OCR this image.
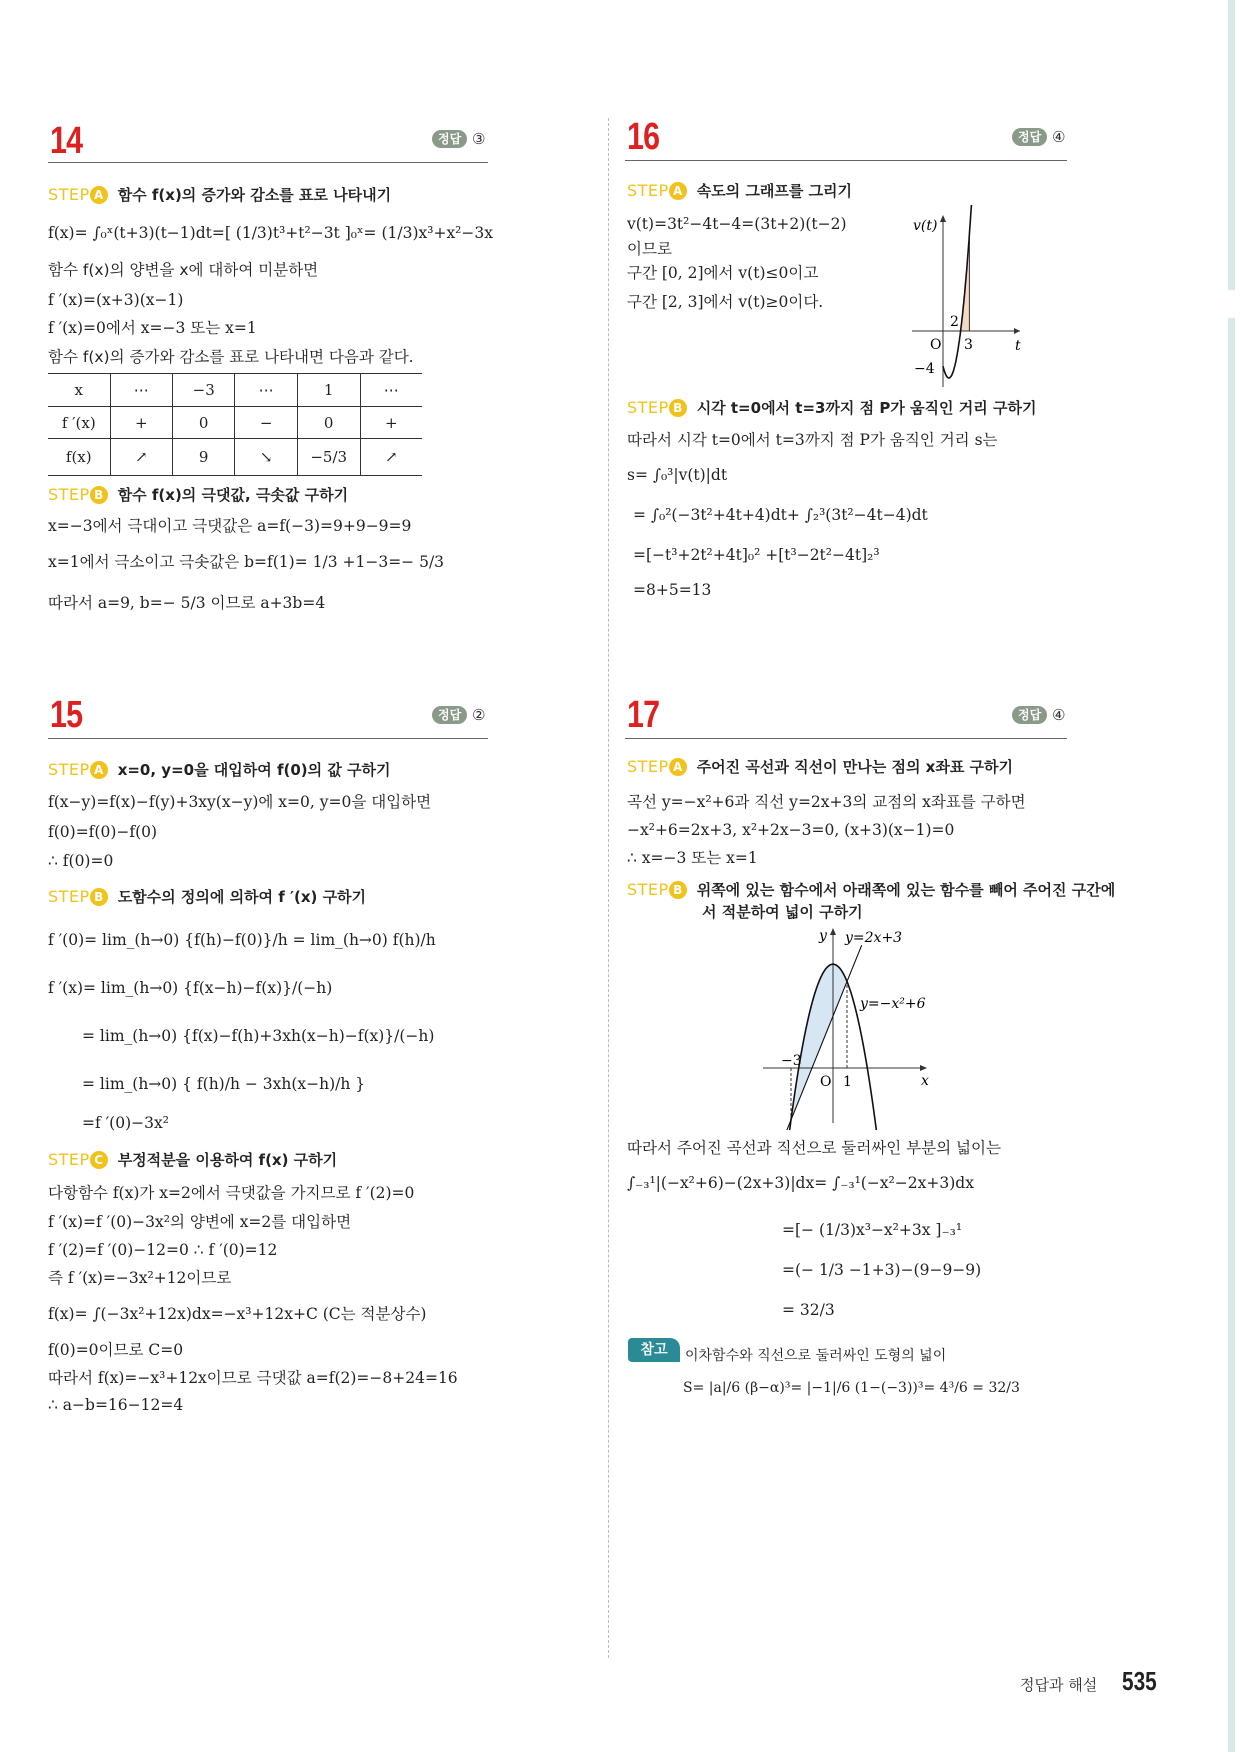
14	정답 ③
STEP A 함수 f(x)의 증가와 감소를 표로 나타내기
f(x)= ∫₀ˣ(t+3)(t−1)dt=[ (1/3)t³+t²−3t ]₀ˣ= (1/3)x³+x²−3x
함수 f(x)의 양변을 x에 대하여 미분하면
f ′(x)=(x+3)(x−1)
f ′(x)=0에서 x=−3 또는 x=1
함수 f(x)의 증가와 감소를 표로 나타내면 다음과 같다.
x	⋯	−3	⋯	1	⋯
f ′(x)	+	0	−	0	+
f(x)	↗	9	↘	−5/3	↗
STEP B 함수 f(x)의 극댓값, 극솟값 구하기
x=−3에서 극대이고 극댓값은 a=f(−3)=9+9−9=9
x=1에서 극소이고 극솟값은 b=f(1)= 1/3 +1−3=− 5/3
따라서 a=9, b=− 5/3 이므로 a+3b=4
16	정답 ④
STEP A 속도의 그래프를 그리기
v(t)=3t²−4t−4=(3t+2)(t−2)
이므로
구간 [0, 2]에서 v(t)≤0이고
구간 [2, 3]에서 v(t)≥0이다.
v(t)
t
O
2
3
−4
STEP B 시각 t=0에서 t=3까지 점 P가 움직인 거리 구하기
따라서 시각 t=0에서 t=3까지 점 P가 움직인 거리 s는
s= ∫₀³|v(t)|dt
= ∫₀²(−3t²+4t+4)dt+ ∫₂³(3t²−4t−4)dt
=[−t³+2t²+4t]₀² +[t³−2t²−4t]₂³
=8+5=13
15	정답 ②
STEP A x=0, y=0을 대입하여 f(0)의 값 구하기
f(x−y)=f(x)−f(y)+3xy(x−y)에 x=0, y=0을 대입하면
f(0)=f(0)−f(0)
∴ f(0)=0
STEP B 도함수의 정의에 의하여 f ′(x) 구하기
f ′(0)= lim_(h→0) {f(h)−f(0)}/h = lim_(h→0) f(h)/h
f ′(x)= lim_(h→0) {f(x−h)−f(x)}/(−h)
= lim_(h→0) {f(x)−f(h)+3xh(x−h)−f(x)}/(−h)
= lim_(h→0) { f(h)/h − 3xh(x−h)/h }
=f ′(0)−3x²
STEP C 부정적분을 이용하여 f(x) 구하기
다항함수 f(x)가 x=2에서 극댓값을 가지므로 f ′(2)=0
f ′(x)=f ′(0)−3x²의 양변에 x=2를 대입하면
f ′(2)=f ′(0)−12=0 ∴ f ′(0)=12
즉 f ′(x)=−3x²+12이므로
f(x)= ∫(−3x²+12x)dx=−x³+12x+C (C는 적분상수)
f(0)=0이므로 C=0
따라서 f(x)=−x³+12x이므로 극댓값 a=f(2)=−8+24=16
∴ a−b=16−12=4
17	정답 ④
STEP A 주어진 곡선과 직선이 만나는 점의 x좌표 구하기
곡선 y=−x²+6과 직선 y=2x+3의 교점의 x좌표를 구하면
−x²+6=2x+3, x²+2x−3=0, (x+3)(x−1)=0
∴ x=−3 또는 x=1
STEP B 위쪽에 있는 함수에서 아래쪽에 있는 함수를 빼어 주어진 구간에
서 적분하여 넓이 구하기
y
x
y=2x+3
y=−x²+6
−3
O 1
따라서 주어진 곡선과 직선으로 둘러싸인 부분의 넓이는
∫₋₃¹|(−x²+6)−(2x+3)|dx= ∫₋₃¹(−x²−2x+3)dx
=[− (1/3)x³−x²+3x ]₋₃¹
=(− 1/3 −1+3)−(9−9−9)
= 32/3
참고	이차함수와 직선으로 둘러싸인 도형의 넓이
S= |a|/6 (β−α)³= |−1|/6 (1−(−3))³= 4³/6 = 32/3
정답과 해설 535
